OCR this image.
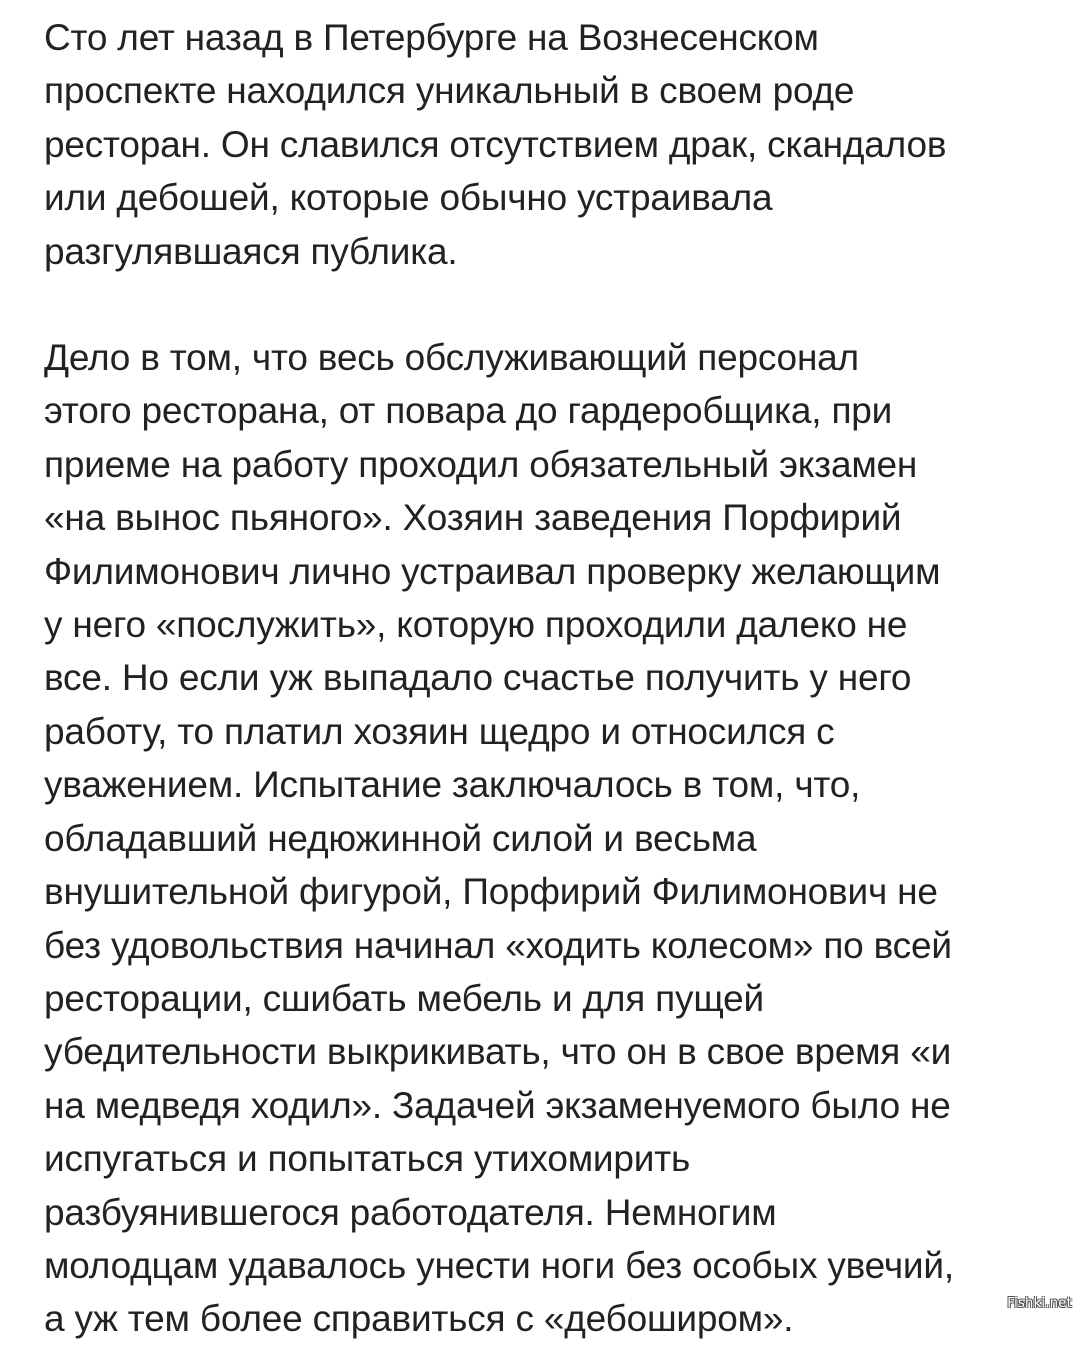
Сто лет назад в Петербурге на Вознесенском
проспекте находился уникальный в своем роде
ресторан. Он славился отсутствием драк, скандалов
или дебошей, которые обычно устраивала
разгулявшаяся публика.

Дело в том, что весь обслуживающий персонал
этого ресторана, от повара до гардеробщика, при
приеме на работу проходил обязательный экзамен
«на вынос пьяного». Хозяин заведения Порфирий
Филимонович лично устраивал проверку желающим
у него «послужить», которую проходили далеко не
все. Но если уж выпадало счастье получить у него
работу, то платил хозяин щедро и относился с
уважением. Испытание заключалось в том, что,
обладавший недюжинной силой и весьма
внушительной фигурой, Порфирий Филимонович не
без удовольствия начинал «ходить колесом» по всей
ресторации, сшибать мебель и для пущей
убедительности выкрикивать, что он в свое время «и
на медведя ходил». Задачей экзаменуемого было не
испугаться и попытаться утихомирить
разбуянившегося работодателя. Немногим
молодцам удавалось унести ноги без особых увечий,
а уж тем более справиться с «дебоширом».	Fishki.net
